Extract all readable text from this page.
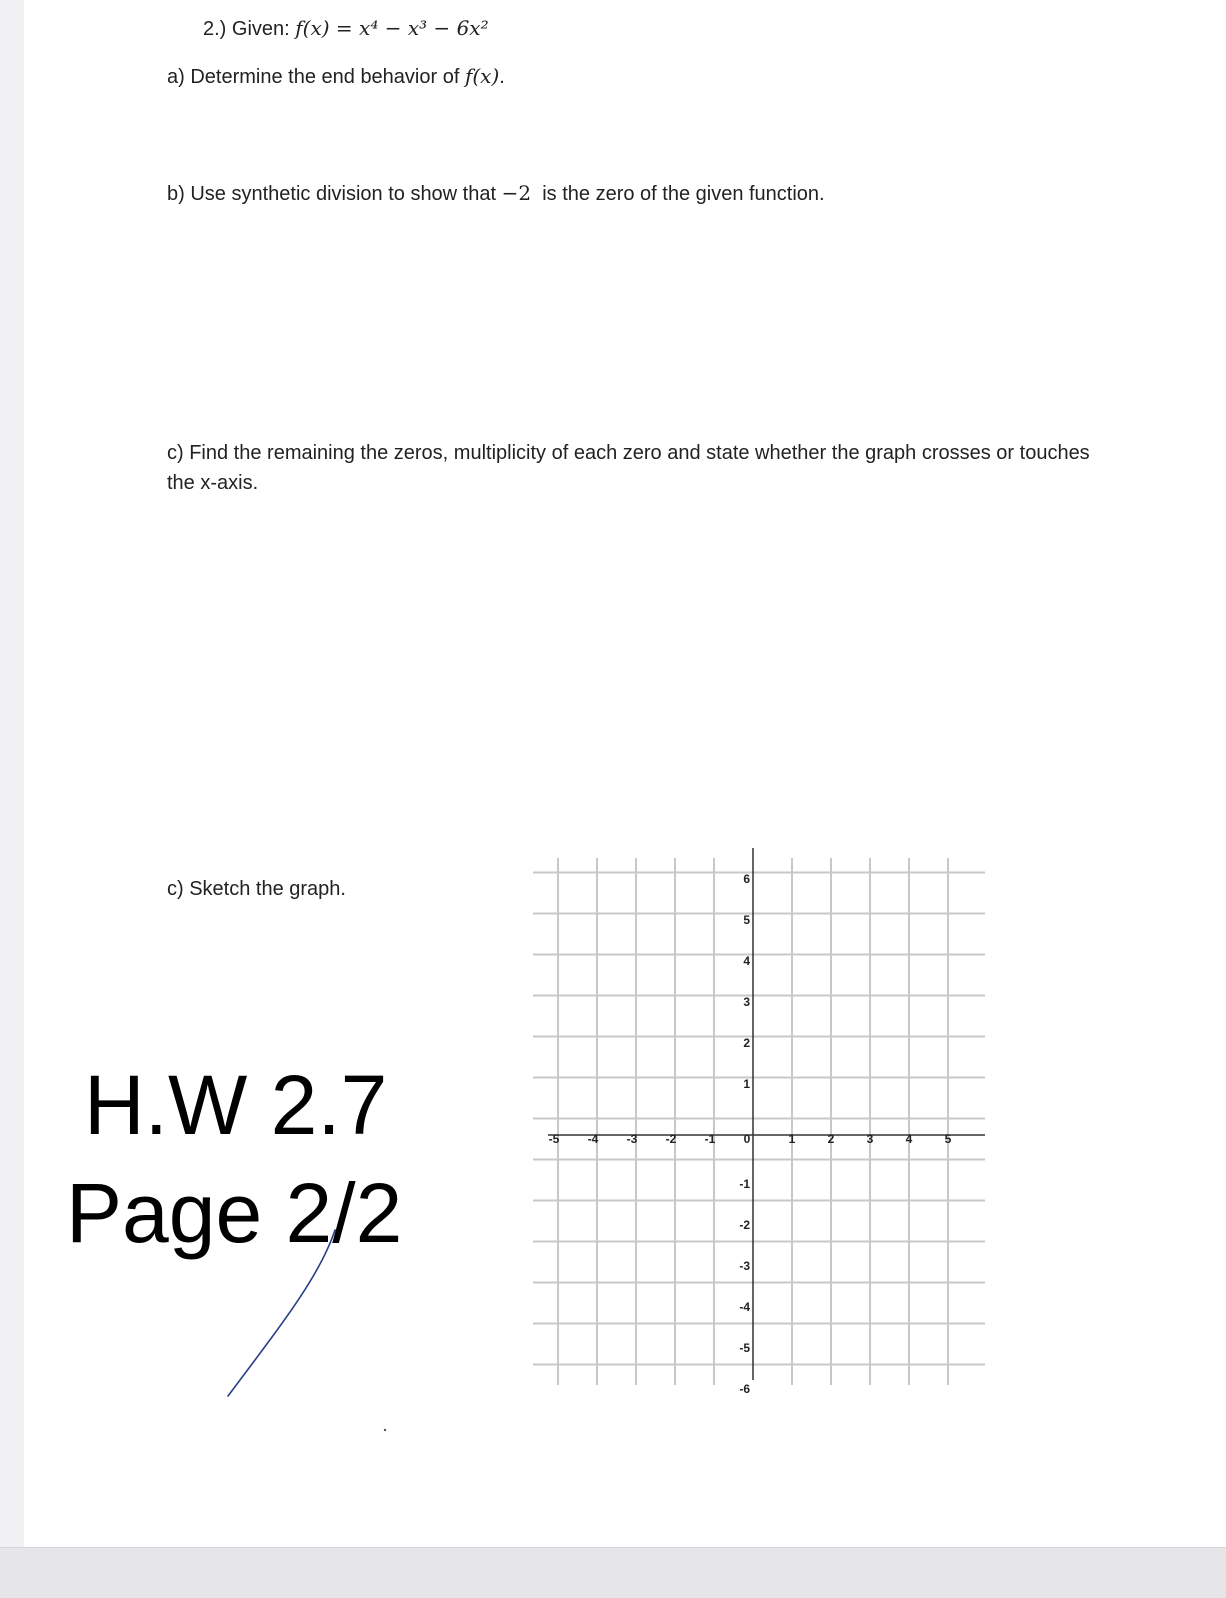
2.) Given: f(x) = x⁴ − x³ − 6x²
a) Determine the end behavior of f(x).
b) Use synthetic division to show that −2  is the zero of the given function.
c) Find the remaining the zeros, multiplicity of each zero and state whether the graph crosses or touches the x-axis.
c) Sketch the graph.
H.W 2.7
Page 2/2
-5 -4 -3 -2 -1 0	1	2	3	4	5
6
5
4
3
2
1
-1
-2
-3
-4
-5
-6
